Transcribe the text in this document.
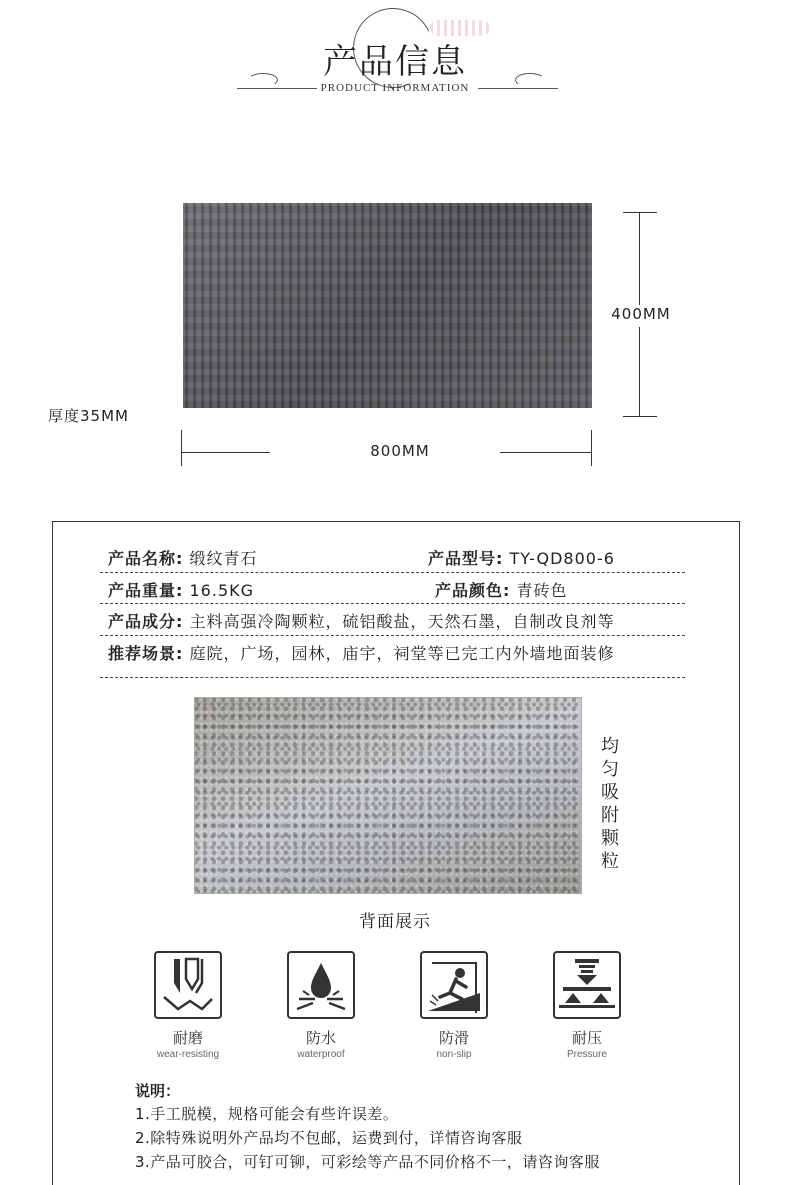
产品信息
PRODUCT INFORMATION
400MM
厚度35MM
800MM
产品名称: 缎纹青石	产品型号: TY-QD800-6
产品重量: 16.5KG	产品颜色: 青砖色
产品成分: 主料高强冷陶颗粒，硫铝酸盐，天然石墨，自制改良剂等
推荐场景: 庭院，广场，园林，庙宇，祠堂等已完工内外墙地面装修
均匀吸附颗粒
背面展示
耐磨
wear-resisting
防水
waterproof
防滑
non-slip
耐压
Pressure
说明：
1.手工脱模，规格可能会有些许误差。
2.除特殊说明外产品均不包邮，运费到付，详情咨询客服
3.产品可胶合，可钉可铆，可彩绘等产品不同价格不一，请咨询客服
